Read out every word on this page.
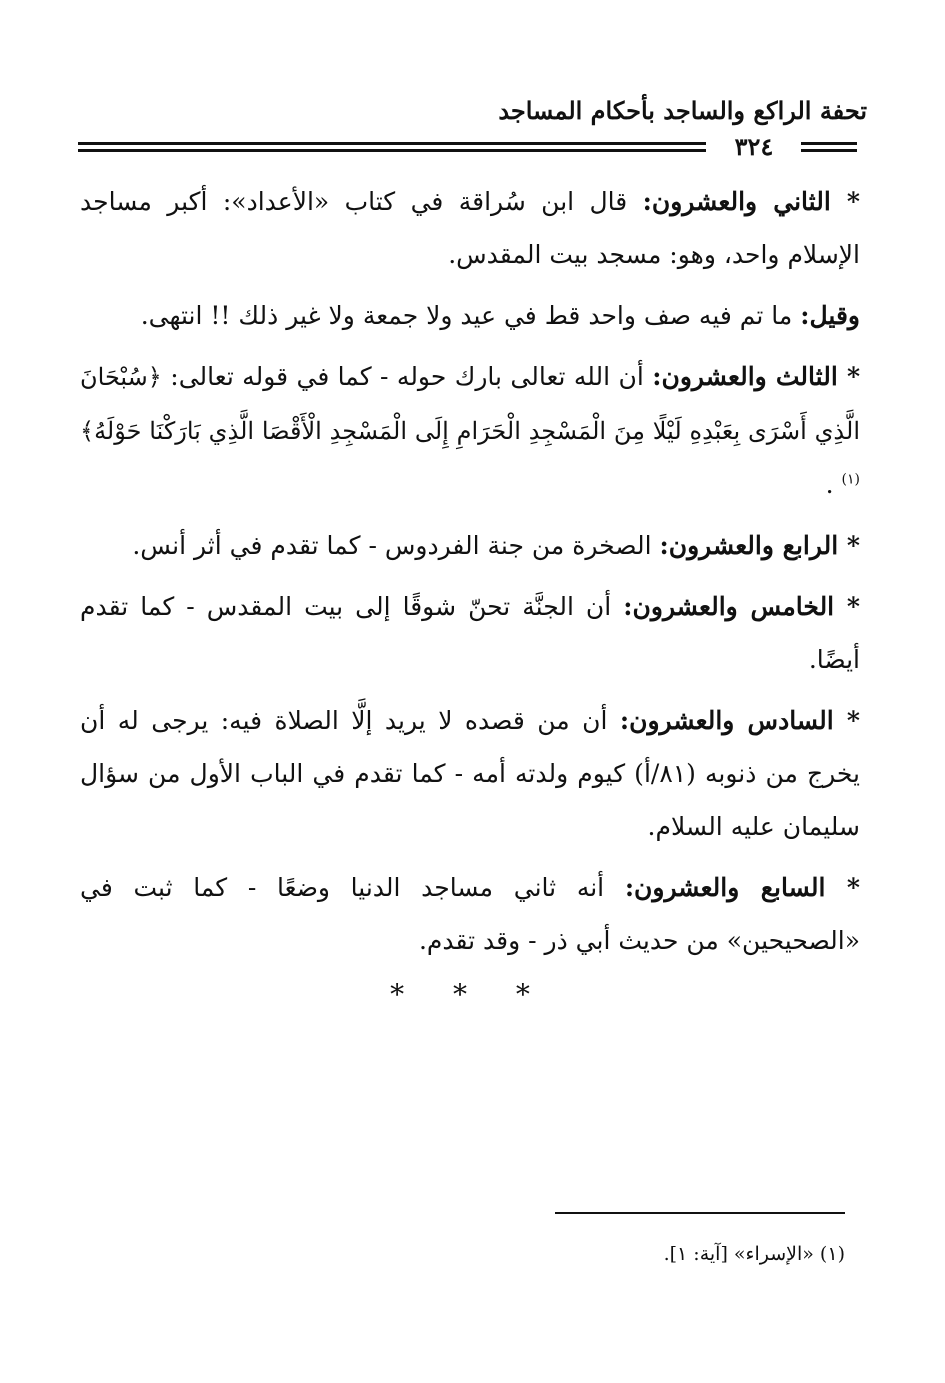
تحفة الراكع والساجد بأحكام المساجد
٣٢٤

* الثاني والعشرون: قال ابن سُراقة في كتاب «الأعداد»: أكبر مساجد الإسلام واحد، وهو: مسجد بيت المقدس.

وقيل: ما تم فيه صف واحد قط في عيد ولا جمعة ولا غير ذلك !! انتهى.

* الثالث والعشرون: أن الله تعالى بارك حوله - كما في قوله تعالى: ﴿سُبْحَانَ الَّذِي أَسْرَى بِعَبْدِهِ لَيْلًا مِنَ الْمَسْجِدِ الْحَرَامِ إِلَى الْمَسْجِدِ الْأَقْصَا الَّذِي بَارَكْنَا حَوْلَهُ﴾$^{(١)}$ .

* الرابع والعشرون: الصخرة من جنة الفردوس - كما تقدم في أثر أنس.

* الخامس والعشرون: أن الجنَّة تحنّ شوقًا إلى بيت المقدس - كما تقدم أيضًا.

* السادس والعشرون: أن من قصده لا يريد إلَّا الصلاة فيه: يرجى له أن يخرج من ذنوبه (٨١/أ) كيوم ولدته أمه - كما تقدم في الباب الأول من سؤال سليمان عليه السلام.

* السابع والعشرون: أنه ثاني مساجد الدنيا وضعًا - كما ثبت في «الصحيحين» من حديث أبي ذر - وقد تقدم.

* * *
(١) «الإسراء» [آية: ١].
